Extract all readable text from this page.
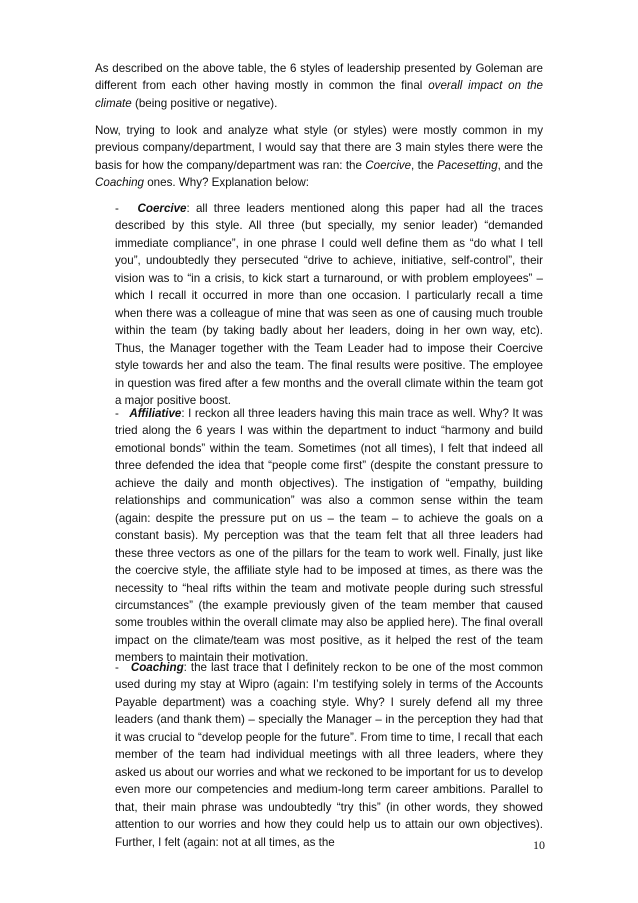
As described on the above table, the 6 styles of leadership presented by Goleman are different from each other having mostly in common the final overall impact on the climate (being positive or negative).

Now, trying to look and analyze what style (or styles) were mostly common in my previous company/department, I would say that there are 3 main styles there were the basis for how the company/department was ran: the Coercive, the Pacesetting, and the Coaching ones. Why? Explanation below:

- Coercive: all three leaders mentioned along this paper had all the traces described by this style. All three (but specially, my senior leader) “demanded immediate compliance”, in one phrase I could well define them as “do what I tell you”, undoubtedly they persecuted “drive to achieve, initiative, self-control”, their vision was to “in a crisis, to kick start a turnaround, or with problem employees” – which I recall it occurred in more than one occasion. I particularly recall a time when there was a colleague of mine that was seen as one of causing much trouble within the team (by taking badly about her leaders, doing in her own way, etc). Thus, the Manager together with the Team Leader had to impose their Coercive style towards her and also the team. The final results were positive. The employee in question was fired after a few months and the overall climate within the team got a major positive boost.

- Affiliative: I reckon all three leaders having this main trace as well. Why? It was tried along the 6 years I was within the department to induct “harmony and build emotional bonds” within the team. Sometimes (not all times), I felt that indeed all three defended the idea that “people come first” (despite the constant pressure to achieve the daily and month objectives). The instigation of “empathy, building relationships and communication” was also a common sense within the team (again: despite the pressure put on us – the team – to achieve the goals on a constant basis). My perception was that the team felt that all three leaders had these three vectors as one of the pillars for the team to work well. Finally, just like the coercive style, the affiliate style had to be imposed at times, as there was the necessity to “heal rifts within the team and motivate people during such stressful circumstances” (the example previously given of the team member that caused some troubles within the overall climate may also be applied here). The final overall impact on the climate/team was most positive, as it helped the rest of the team members to maintain their motivation.

- Coaching: the last trace that I definitely reckon to be one of the most common used during my stay at Wipro (again: I’m testifying solely in terms of the Accounts Payable department) was a coaching style. Why? I surely defend all my three leaders (and thank them) – specially the Manager – in the perception they had that it was crucial to “develop people for the future”. From time to time, I recall that each member of the team had individual meetings with all three leaders, where they asked us about our worries and what we reckoned to be important for us to develop even more our competencies and medium-long term career ambitions. Parallel to that, their main phrase was undoubtedly “try this” (in other words, they showed attention to our worries and how they could help us to attain our own objectives). Further, I felt (again: not at all times, as the	10
